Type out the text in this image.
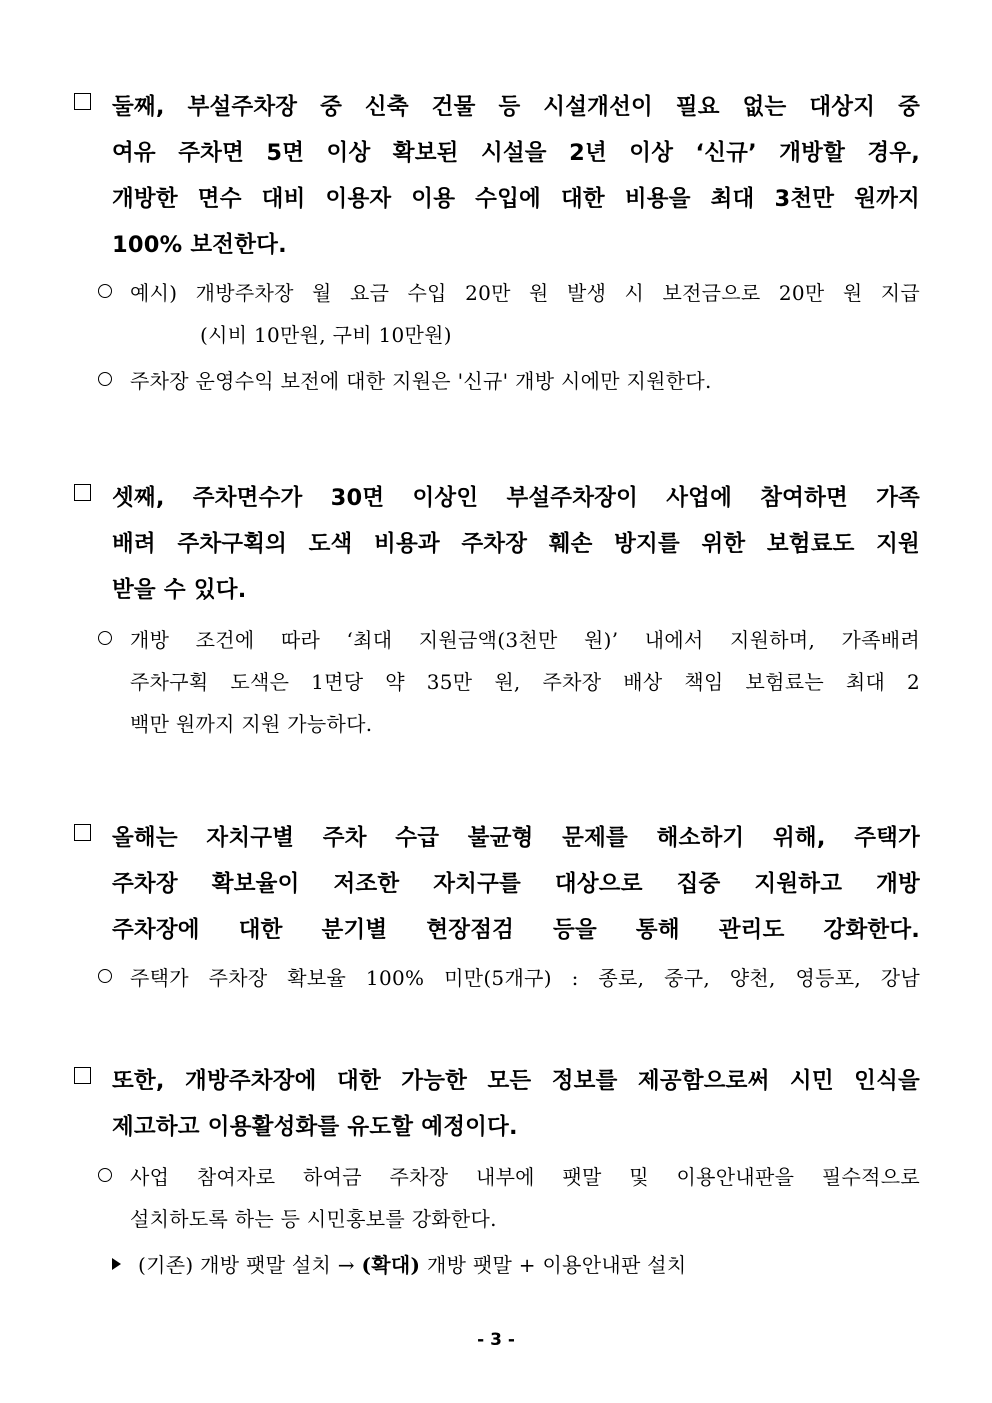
둘째, 부설주차장 중 신축 건물 등 시설개선이 필요 없는 대상지 중
여유 주차면 5면 이상 확보된 시설을 2년 이상 ‘신규’ 개방할 경우,
개방한 면수 대비 이용자 이용 수입에 대한 비용을 최대 3천만 원까지
100% 보전한다.
예시) 개방주차장 월 요금 수입 20만 원 발생 시 보전금으로 20만 원 지급
(시비 10만원, 구비 10만원)
주차장 운영수익 보전에 대한 지원은 '신규' 개방 시에만 지원한다.
셋째, 주차면수가 30면 이상인 부설주차장이 사업에 참여하면 가족
배려 주차구획의 도색 비용과 주차장 훼손 방지를 위한 보험료도 지원
받을 수 있다.
개방 조건에 따라 ‘최대 지원금액(3천만 원)’ 내에서 지원하며, 가족배려
주차구획 도색은 1면당 약 35만 원, 주차장 배상 책임 보험료는 최대 2
백만 원까지 지원 가능하다.
올해는 자치구별 주차 수급 불균형 문제를 해소하기 위해, 주택가
주차장 확보율이 저조한 자치구를 대상으로 집중 지원하고 개방
주차장에 대한 분기별 현장점검 등을 통해 관리도 강화한다.
주택가 주차장 확보율 100% 미만(5개구) : 종로, 중구, 양천, 영등포, 강남
또한, 개방주차장에 대한 가능한 모든 정보를 제공함으로써 시민 인식을
제고하고 이용활성화를 유도할 예정이다.
사업 참여자로 하여금 주차장 내부에 팻말 및 이용안내판을 필수적으로
설치하도록 하는 등 시민홍보를 강화한다.
(기존) 개방 팻말 설치 → (확대) 개방 팻말 + 이용안내판 설치
- 3 -
